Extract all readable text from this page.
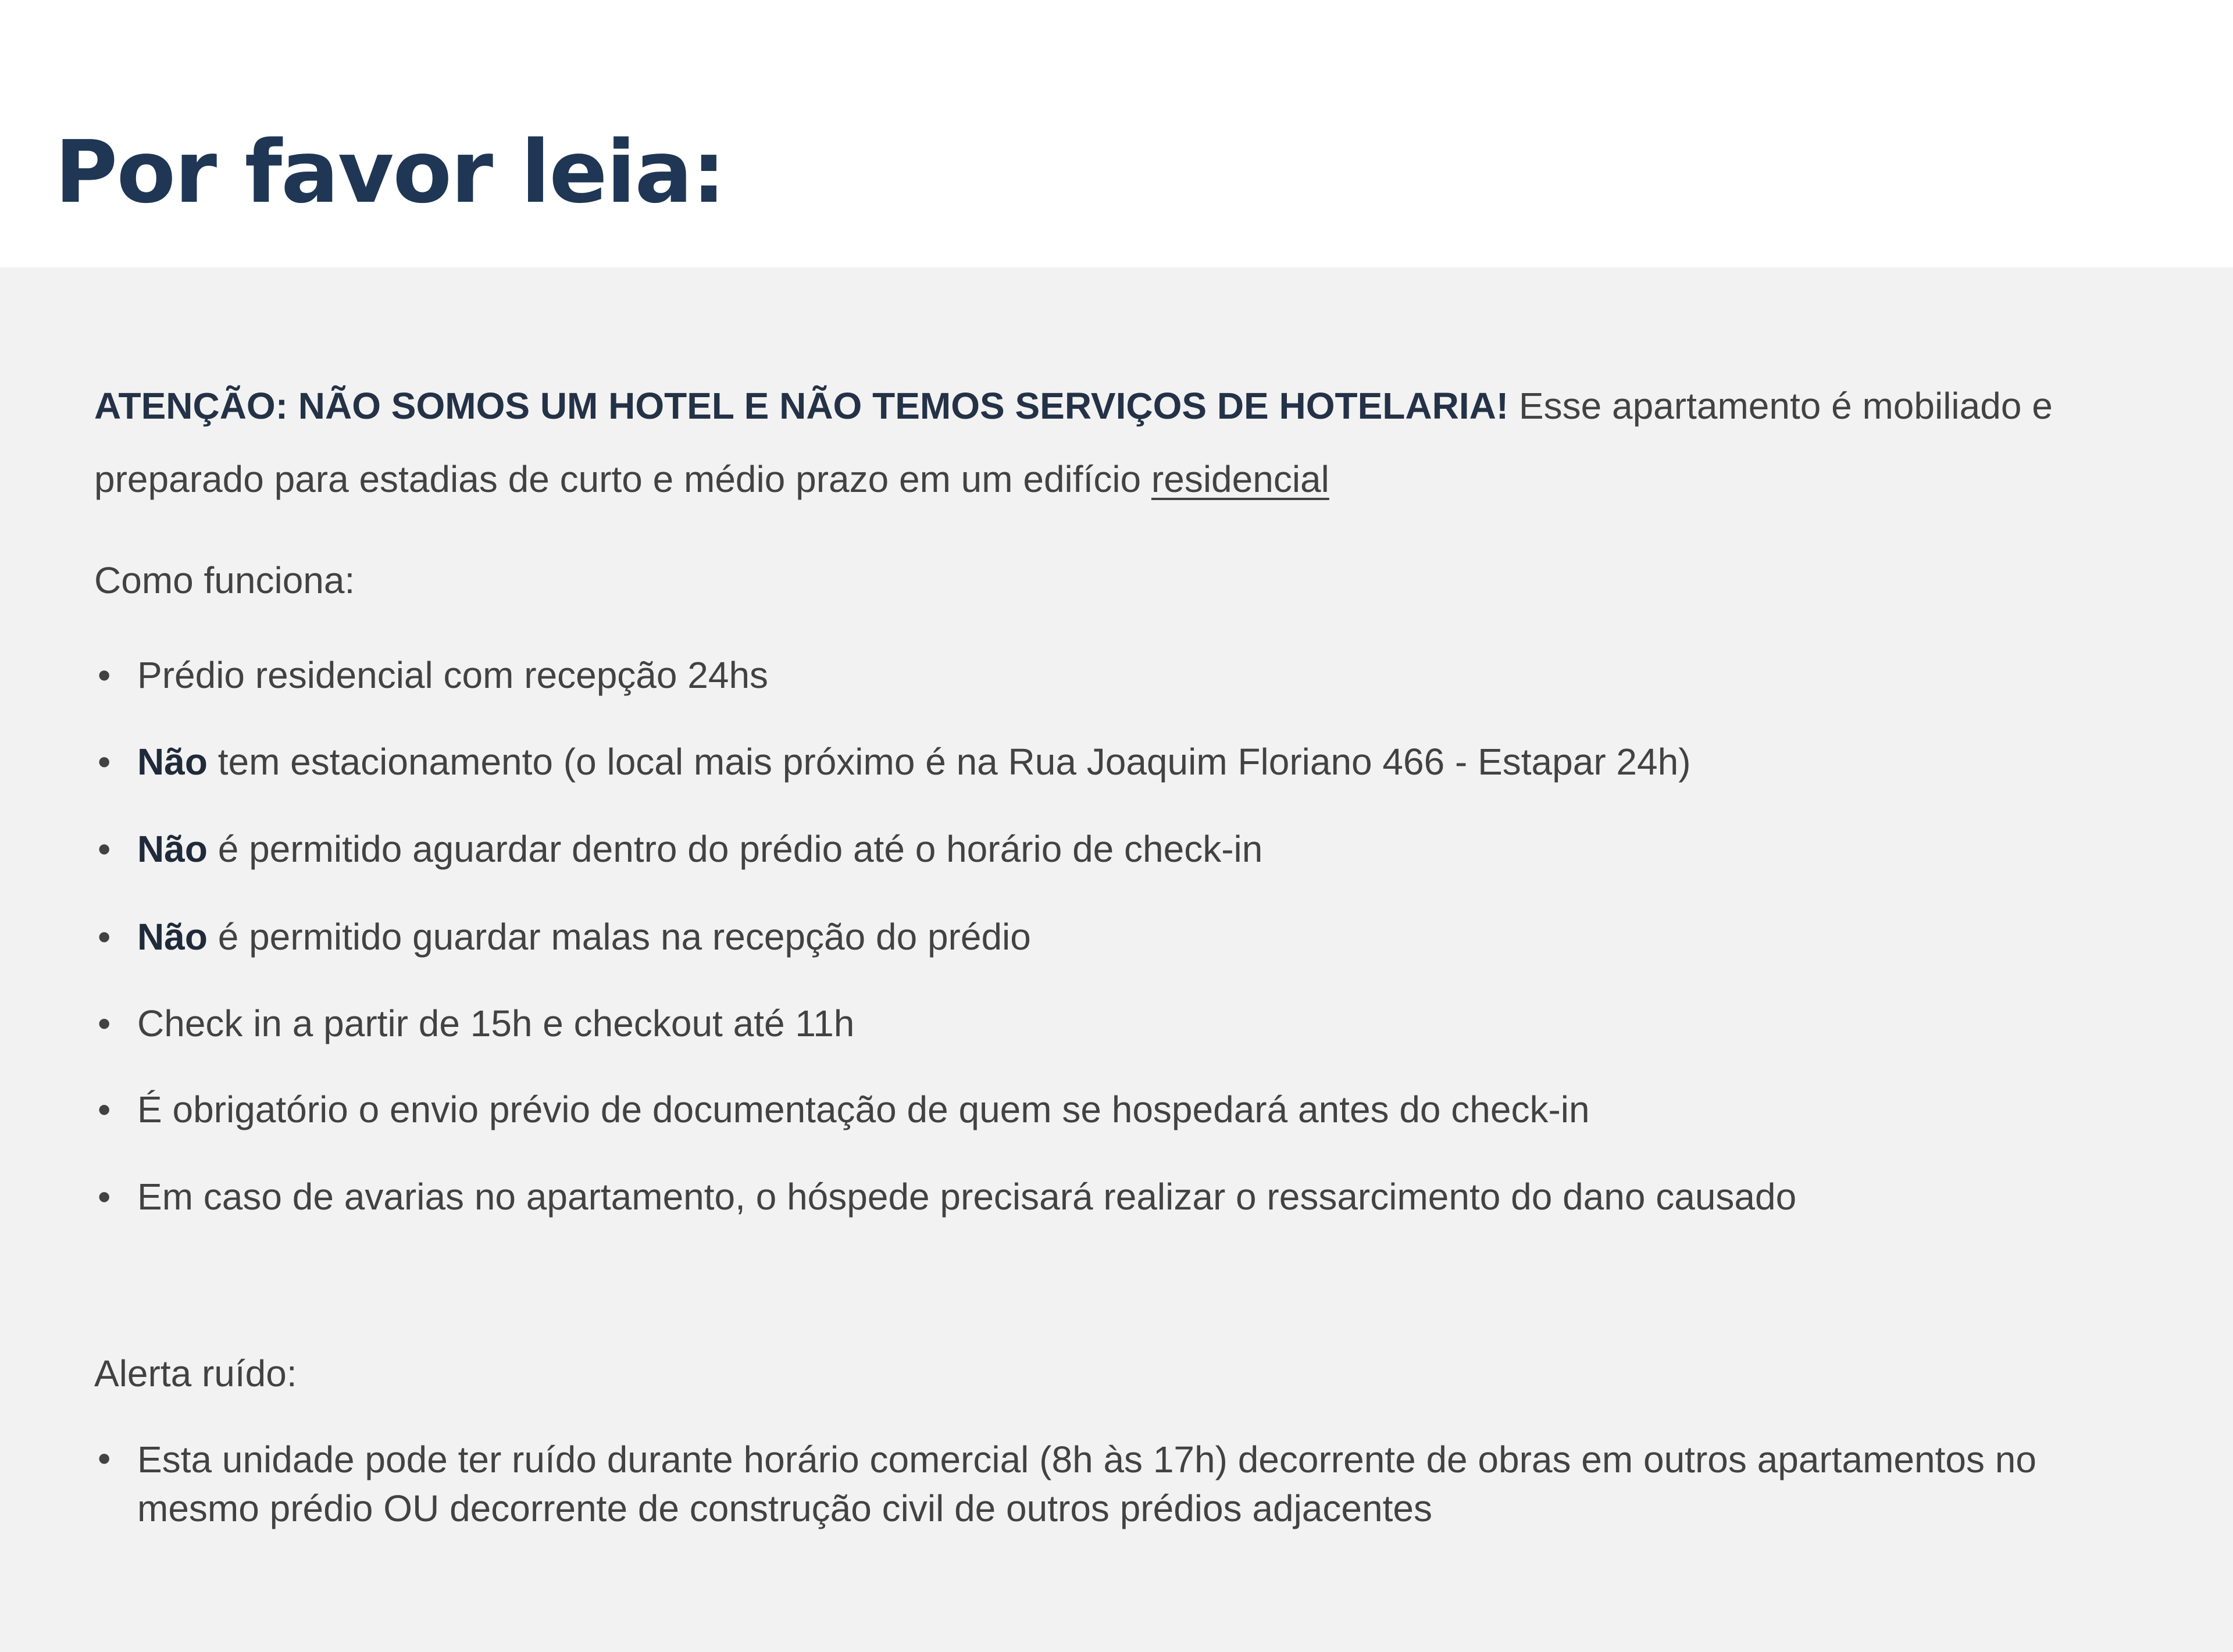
Por favor leia:

ATENÇÃO: NÃO SOMOS UM HOTEL E NÃO TEMOS SERVIÇOS DE HOTELARIA! Esse apartamento é mobiliado e preparado para estadias de curto e médio prazo em um edifício residencial

Como funciona:

• Prédio residencial com recepção 24hs
• Não tem estacionamento (o local mais próximo é na Rua Joaquim Floriano 466 - Estapar 24h)
• Não é permitido aguardar dentro do prédio até o horário de check-in
• Não é permitido guardar malas na recepção do prédio
• Check in a partir de 15h e checkout até 11h
• É obrigatório o envio prévio de documentação de quem se hospedará antes do check-in
• Em caso de avarias no apartamento, o hóspede precisará realizar o ressarcimento do dano causado

Alerta ruído:

• Esta unidade pode ter ruído durante horário comercial (8h às 17h) decorrente de obras em outros apartamentos no mesmo prédio OU decorrente de construção civil de outros prédios adjacentes
